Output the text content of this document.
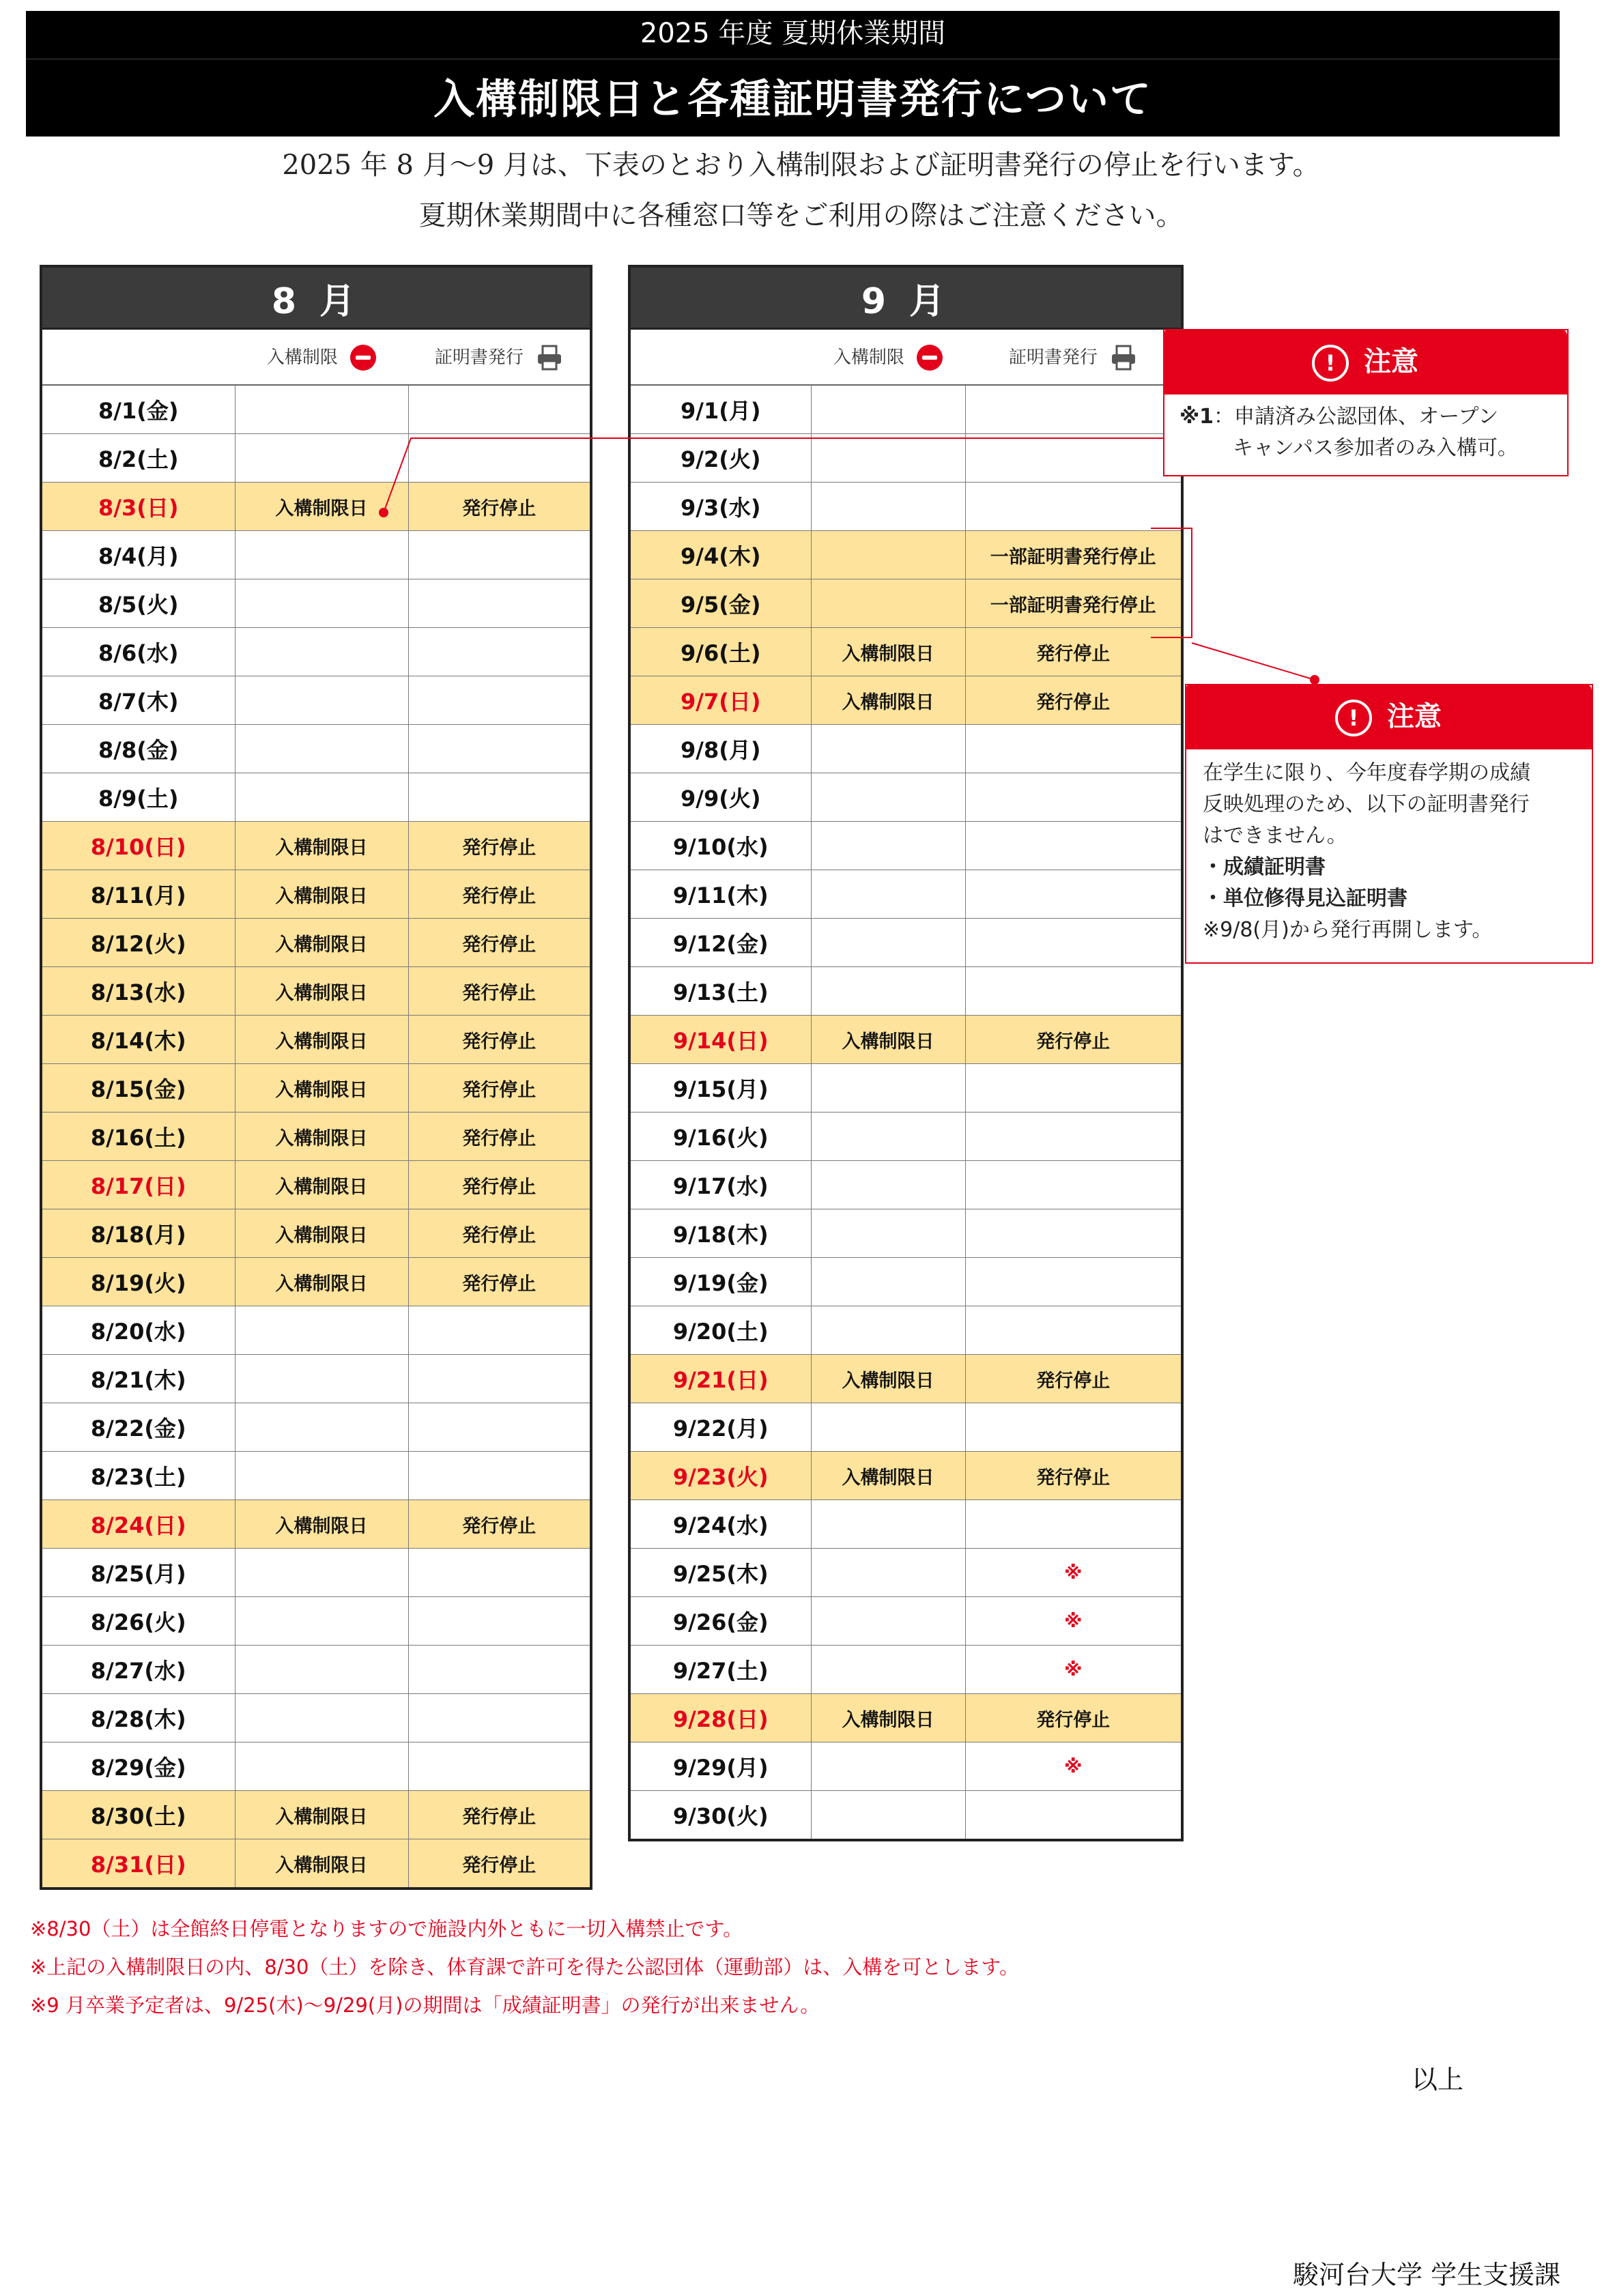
2025 年度 夏期休業期間
入構制限日と各種証明書発行について
2025 年 8 月～9 月は、下表のとおり入構制限および証明書発行の停止を行います。
夏期休業期間中に各種窓口等をご利用の際はご注意ください。
8 月		
	入構制限	証明書発行
8/1(金)		
8/2(土)		
8/3(日)	入構制限日	発行停止
8/4(月)		
8/5(火)		
8/6(水)		
8/7(木)		
8/8(金)		
8/9(土)		
8/10(日)	入構制限日	発行停止
8/11(月)	入構制限日	発行停止
8/12(火)	入構制限日	発行停止
8/13(水)	入構制限日	発行停止
8/14(木)	入構制限日	発行停止
8/15(金)	入構制限日	発行停止
8/16(土)	入構制限日	発行停止
8/17(日)	入構制限日	発行停止
8/18(月)	入構制限日	発行停止
8/19(火)	入構制限日	発行停止
8/20(水)		
8/21(木)		
8/22(金)		
8/23(土)		
8/24(日)	入構制限日	発行停止
8/25(月)		
8/26(火)		
8/27(水)		
8/28(木)		
8/29(金)		
8/30(土)	入構制限日	発行停止
8/31(日)	入構制限日	発行停止
9 月		
	入構制限	証明書発行
9/1(月)		
9/2(火)		
9/3(水)		
9/4(木)		一部証明書発行停止
9/5(金)		一部証明書発行停止
9/6(土)	入構制限日	発行停止
9/7(日)	入構制限日	発行停止
9/8(月)		
9/9(火)		
9/10(水)		
9/11(木)		
9/12(金)		
9/13(土)		
9/14(日)	入構制限日	発行停止
9/15(月)		
9/16(火)		
9/17(水)		
9/18(木)		
9/19(金)		
9/20(土)		
9/21(日)	入構制限日	発行停止
9/22(月)		
9/23(火)	入構制限日	発行停止
9/24(水)		
9/25(木)		※
9/26(金)		※
9/27(土)		※
9/28(日)	入構制限日	発行停止
9/29(月)		※
9/30(火)		
! 注意
※1：申請済み公認団体、オープン
キャンパス参加者のみ入構可。
! 注意
在学生に限り、今年度春学期の成績
反映処理のため、以下の証明書発行
はできません。
・成績証明書
・単位修得見込証明書
※9/8(月)から発行再開します。
※8/30（土）は全館終日停電となりますので施設内外ともに一切入構禁止です。
※上記の入構制限日の内、8/30（土）を除き、体育課で許可を得た公認団体（運動部）は、入構を可とします。
※9 月卒業予定者は、9/25(木)～9/29(月)の期間は「成績証明書」の発行が出来ません。
以上
駿河台大学 学生支援課
